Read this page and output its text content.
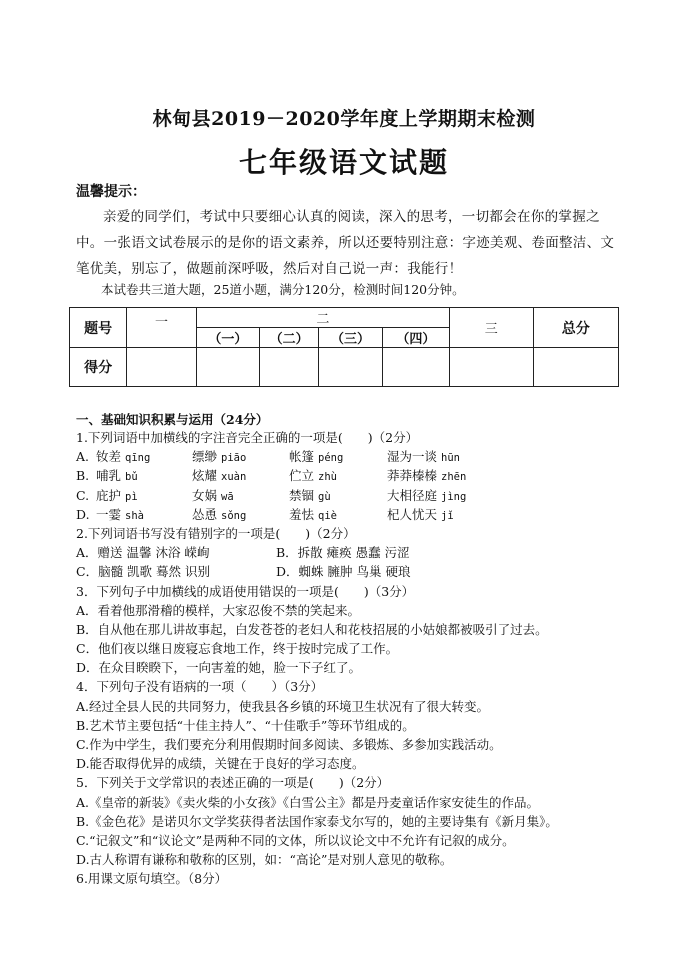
林甸县2019－2020学年度上学期期末检测
七年级语文试题
温馨提示：

亲爱的同学们，考试中只要细心认真的阅读，深入的思考，一切都会在你的掌握之中。一张语文试卷展示的是你的语文素养，所以还要特别注意：字迹美观、卷面整洁、文笔优美，别忘了，做题前深呼吸，然后对自己说一声：我能行！

本试卷共三道大题，25道小题，满分120分，检测时间120分钟。

题号	一	二				三	总分
		（一）	（二）	（三）	（四）		
得分							
一、基础知识积累与运用（24分）
1.下列词语中加横线的字注音完全正确的一项是(　　)（2分）
A. 钕差 qīng	缥缈 piāo	帐篷 péng	湿为一谈 hūn
B. 哺乳 bǔ	炫耀 xuàn	伫立 zhù	莽莽榛榛 zhēn
C. 庇护 pì	女娲 wā	禁锢 gù	大相径庭 jìng
D. 一霎 shà	怂恿 sǒng	羞怯 qiè	杞人忧天 jǐ
2.下列词语书写没有错别字的一项是(　　)（2分）
A．赠送 温馨 沐浴 嵘峋	B．拆散 瘫痪 愚蠢 污涩
C．脑髓 凯歌 蓦然 识别	D．蜘蛛 臃肿 鸟巢 硬琅
3．下列句子中加横线的成语使用错误的一项是(　　)（3分）
A．看着他那滑稽的模样，大家忍俊不禁的笑起来。
B．自从他在那儿讲故事起，白发苍苍的老妇人和花枝招展的小姑娘都被吸引了过去。
C．他们夜以继日废寝忘食地工作，终于按时完成了工作。
D．在众目睽睽下，一向害羞的她，脸一下子红了。
4．下列句子没有语病的一项（　　）（3分）
A.经过全县人民的共同努力，使我县各乡镇的环境卫生状况有了很大转变。
B.艺术节主要包括“十佳主持人”、“十佳歌手”等环节组成的。
C.作为中学生，我们要充分利用假期时间多阅读、多锻炼、多参加实践活动。
D.能否取得优异的成绩，关键在于良好的学习态度。
5．下列关于文学常识的表述正确的一项是(　　)（2分）
A.《皇帝的新装》《卖火柴的小女孩》《白雪公主》都是丹麦童话作家安徒生的作品。
B.《金色花》是诺贝尔文学奖获得者法国作家泰戈尔写的，她的主要诗集有《新月集》。
C.“记叙文”和“议论文”是两种不同的文体，所以议论文中不允许有记叙的成分。
D.古人称谓有谦称和敬称的区别，如：“高论”是对别人意见的敬称。
6.用课文原句填空。（8分）
